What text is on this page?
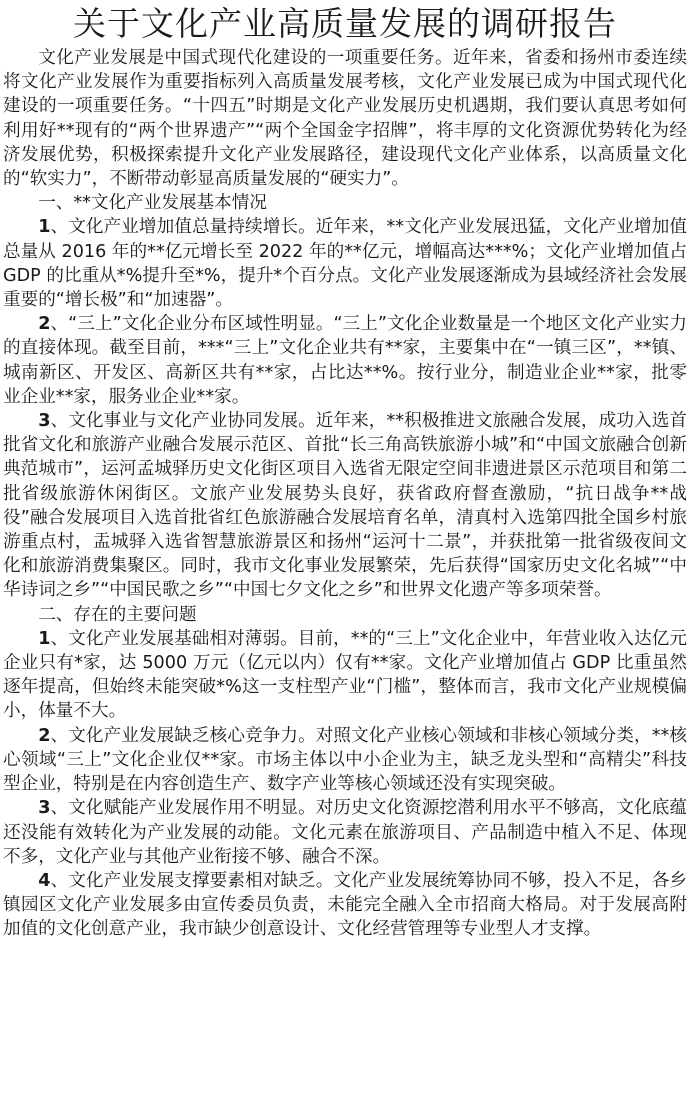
关于文化产业高质量发展的调研报告

文化产业发展是中国式现代化建设的一项重要任务。近年来，省委和扬州市委连续将文化产业发展作为重要指标列入高质量发展考核，文化产业发展已成为中国式现代化建设的一项重要任务。“十四五”时期是文化产业发展历史机遇期，我们要认真思考如何利用好**现有的“两个世界遗产”“两个全国金字招牌”，将丰厚的文化资源优势转化为经济发展优势，积极探索提升文化产业发展路径，建设现代文化产业体系，以高质量文化的“软实力”，不断带动彰显高质量发展的“硬实力”。

一、**文化产业发展基本情况

1、文化产业增加值总量持续增长。近年来，**文化产业发展迅猛，文化产业增加值总量从 2016 年的**亿元增长至 2022 年的**亿元，增幅高达***%；文化产业增加值占 GDP 的比重从*%提升至*%，提升*个百分点。文化产业发展逐渐成为县域经济社会发展重要的“增长极”和“加速器”。

2、“三上”文化企业分布区域性明显。“三上”文化企业数量是一个地区文化产业实力的直接体现。截至目前，***“三上”文化企业共有**家，主要集中在“一镇三区”，**镇、城南新区、开发区、高新区共有**家，占比达**%。按行业分，制造业企业**家，批零业企业**家，服务业企业**家。

3、文化事业与文化产业协同发展。近年来，**积极推进文旅融合发展，成功入选首批省文化和旅游产业融合发展示范区、首批“长三角高铁旅游小城”和“中国文旅融合创新典范城市”，运河孟城驿历史文化街区项目入选省无限定空间非遗进景区示范项目和第二批省级旅游休闲街区。文旅产业发展势头良好，获省政府督查激励，“抗日战争**战役”融合发展项目入选首批省红色旅游融合发展培育名单，清真村入选第四批全国乡村旅游重点村，盂城驿入选省智慧旅游景区和扬州“运河十二景”，并获批第一批省级夜间文化和旅游消费集聚区。同时，我市文化事业发展繁荣，先后获得“国家历史文化名城”“中华诗词之乡”“中国民歌之乡”“中国七夕文化之乡”和世界文化遗产等多项荣誉。

二、存在的主要问题

1、文化产业发展基础相对薄弱。目前，**的“三上”文化企业中，年营业收入达亿元企业只有*家，达 5000 万元（亿元以内）仅有**家。文化产业增加值占 GDP 比重虽然逐年提高，但始终未能突破*%这一支柱型产业“门槛”，整体而言，我市文化产业规模偏小，体量不大。

2、文化产业发展缺乏核心竞争力。对照文化产业核心领域和非核心领域分类，**核心领域“三上”文化企业仅**家。市场主体以中小企业为主，缺乏龙头型和“高精尖”科技型企业，特别是在内容创造生产、数字产业等核心领域还没有实现突破。

3、文化赋能产业发展作用不明显。对历史文化资源挖潜利用水平不够高，文化底蕴还没能有效转化为产业发展的动能。文化元素在旅游项目、产品制造中植入不足、体现不多，文化产业与其他产业衔接不够、融合不深。

4、文化产业发展支撑要素相对缺乏。文化产业发展统筹协同不够，投入不足，各乡镇园区文化产业发展多由宣传委员负责，未能完全融入全市招商大格局。对于发展高附加值的文化创意产业，我市缺少创意设计、文化经营管理等专业型人才支撑。
